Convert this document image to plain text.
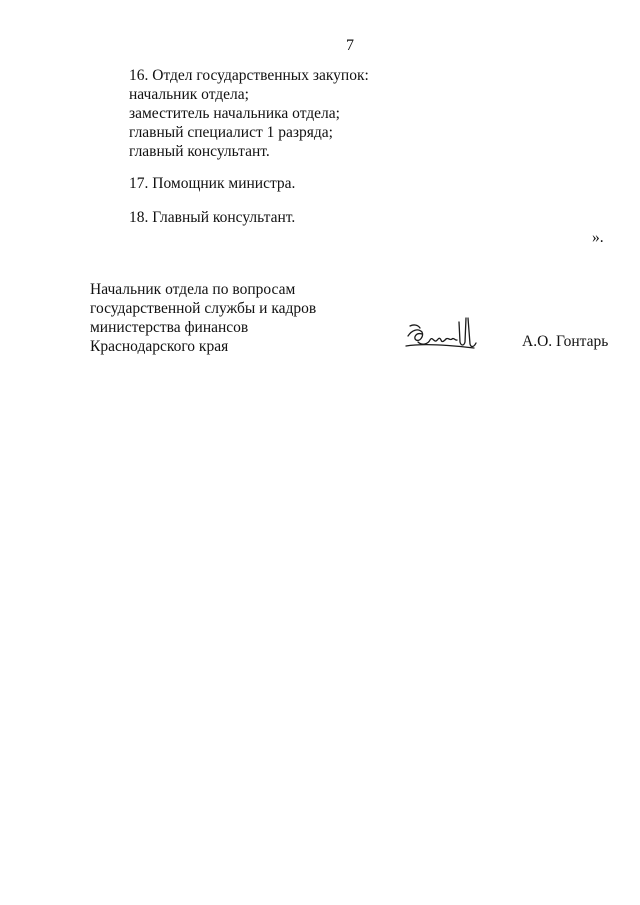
7
16. Отдел государственных закупок:
начальник отдела;
заместитель начальника отдела;
главный специалист 1 разряда;
главный консультант.
17. Помощник министра.
18. Главный консультант.
».
Начальник отдела по вопросам
государственной службы и кадров
министерства финансов
Краснодарского края	А.О. Гонтарь
